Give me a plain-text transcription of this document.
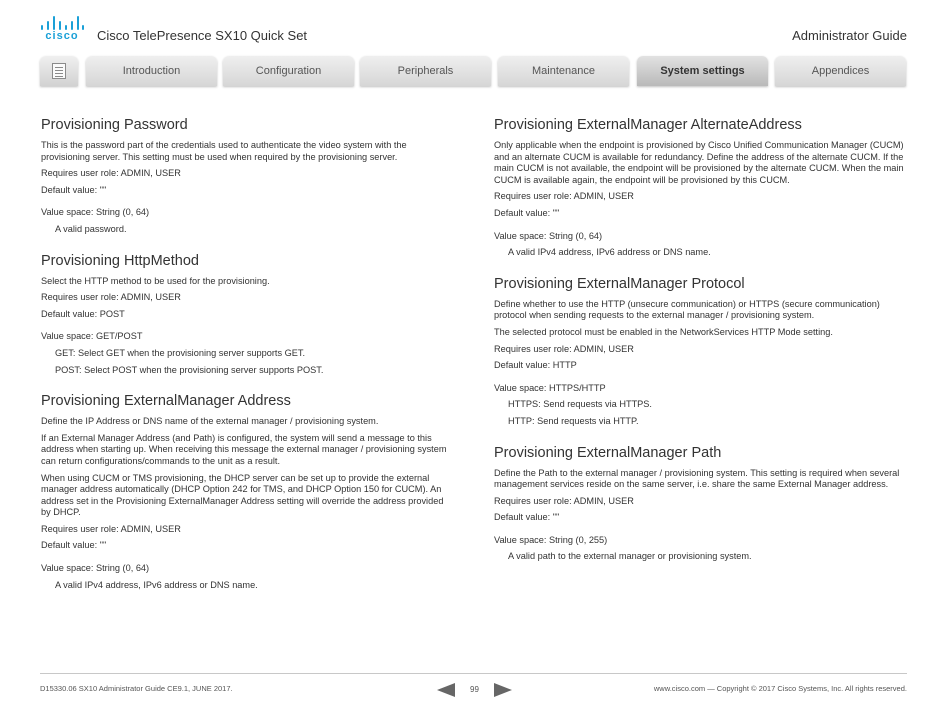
cisco	Cisco TelePresence SX10 Quick Set	Administrator Guide
Introduction	Configuration	Peripherals	Maintenance	System settings	Appendices
Provisioning Password

This is the password part of the credentials used to authenticate the video system with the provisioning server. This setting must be used when required by the provisioning server.

Requires user role: ADMIN, USER

Default value: ""

Value space: String (0, 64)

A valid password.

Provisioning HttpMethod

Select the HTTP method to be used for the provisioning.

Requires user role: ADMIN, USER

Default value: POST

Value space: GET/POST

GET: Select GET when the provisioning server supports GET.

POST: Select POST when the provisioning server supports POST.

Provisioning ExternalManager Address

Define the IP Address or DNS name of the external manager / provisioning system.

If an External Manager Address (and Path) is configured, the system will send a message to this address when starting up. When receiving this message the external manager / provisioning system can return configurations/commands to the unit as a result.

When using CUCM or TMS provisioning, the DHCP server can be set up to provide the external manager address automatically (DHCP Option 242 for TMS, and DHCP Option 150 for CUCM). An address set in the Provisioning ExternalManager Address setting will override the address provided by DHCP.

Requires user role: ADMIN, USER

Default value: ""

Value space: String (0, 64)

A valid IPv4 address, IPv6 address or DNS name.

Provisioning ExternalManager AlternateAddress

Only applicable when the endpoint is provisioned by Cisco Unified Communication Manager (CUCM) and an alternate CUCM is available for redundancy. Define the address of the alternate CUCM. If the main CUCM is not available, the endpoint will be provisioned by the alternate CUCM. When the main CUCM is available again, the endpoint will be provisioned by this CUCM.

Requires user role: ADMIN, USER

Default value: ""

Value space: String (0, 64)

A valid IPv4 address, IPv6 address or DNS name.

Provisioning ExternalManager Protocol

Define whether to use the HTTP (unsecure communication) or HTTPS (secure communication) protocol when sending requests to the external manager / provisioning system.

The selected protocol must be enabled in the NetworkServices HTTP Mode setting.

Requires user role: ADMIN, USER

Default value: HTTP

Value space: HTTPS/HTTP

HTTPS: Send requests via HTTPS.

HTTP: Send requests via HTTP.

Provisioning ExternalManager Path

Define the Path to the external manager / provisioning system. This setting is required when several management services reside on the same server, i.e. share the same External Manager address.

Requires user role: ADMIN, USER

Default value: ""

Value space: String (0, 255)

A valid path to the external manager or provisioning system.

D15330.06 SX10 Administrator Guide CE9.1, JUNE 2017.	99	www.cisco.com — Copyright © 2017 Cisco Systems, Inc. All rights reserved.
